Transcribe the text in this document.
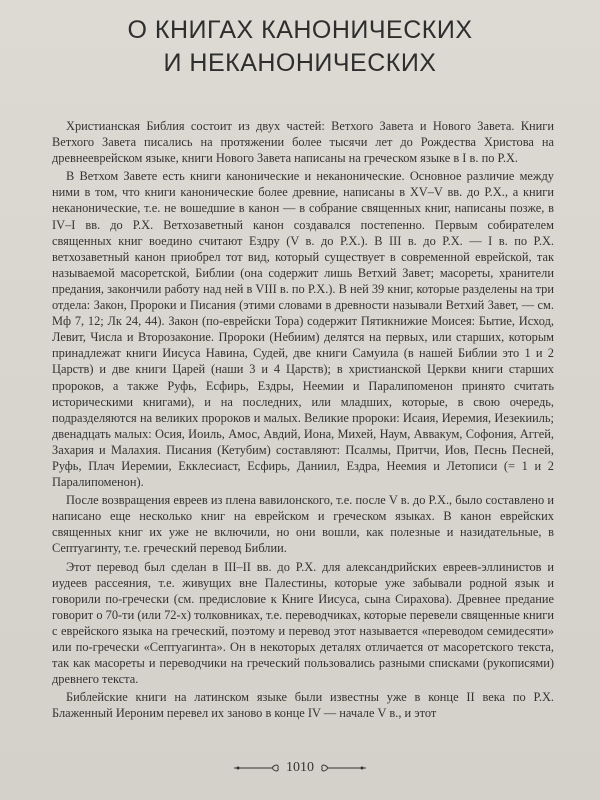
О КНИГАХ КАНОНИЧЕСКИХ
И НЕКАНОНИЧЕСКИХ

Христианская Библия состоит из двух частей: Ветхого Завета и Нового Завета. Книги Ветхого Завета писались на протяжении более тысячи лет до Рождества Христова на древнееврейском языке, книги Нового Завета написаны на греческом языке в I в. по Р.Х.

В Ветхом Завете есть книги канонические и неканонические. Основное различие между ними в том, что книги канонические более древние, написаны в XV–V вв. до Р.Х., а книги неканонические, т.е. не вошедшие в канон — в собрание священных книг, написаны позже, в IV–I вв. до Р.Х. Ветхозаветный канон создавался постепенно. Первым собирателем священных книг воедино считают Ездру (V в. до Р.Х.). В III в. до Р.Х. — I в. по Р.Х. ветхозаветный канон приобрел тот вид, который существует в современной еврейской, так называемой масоретской, Библии (она содержит лишь Ветхий Завет; масореты, хранители предания, закончили работу над ней в VIII в. по Р.Х.). В ней 39 книг, которые разделены на три отдела: Закон, Пророки и Писания (этими словами в древности называли Ветхий Завет, — см. Мф 7, 12; Лк 24, 44). Закон (по-еврейски Тора) содержит Пятикнижие Моисея: Бытие, Исход, Левит, Числа и Второзаконие. Пророки (Небиим) делятся на первых, или старших, которым принадлежат книги Иисуса Навина, Судей, две книги Самуила (в нашей Библии это 1 и 2 Царств) и две книги Царей (наши 3 и 4 Царств); в христианской Церкви книги старших пророков, а также Руфь, Есфирь, Ездры, Неемии и Паралипоменон принято считать историческими книгами), и на последних, или младших, которые, в свою очередь, подразделяются на великих пророков и малых. Великие пророки: Исаия, Иеремия, Иезекииль; двенадцать малых: Осия, Иоиль, Амос, Авдий, Иона, Михей, Наум, Аввакум, Софония, Аггей, Захария и Малахия. Писания (Кетубим) составляют: Псалмы, Притчи, Иов, Песнь Песней, Руфь, Плач Иеремии, Екклесиаст, Есфирь, Даниил, Ездра, Неемия и Летописи (= 1 и 2 Паралипоменон).

После возвращения евреев из плена вавилонского, т.е. после V в. до Р.Х., было составлено и написано еще несколько книг на еврейском и греческом языках. В канон еврейских священных книг их уже не включили, но они вошли, как полезные и назидательные, в Септуагинту, т.е. греческий перевод Библии.

Этот перевод был сделан в III–II вв. до Р.Х. для александрийских евреев-эллинистов и иудеев рассеяния, т.е. живущих вне Палестины, которые уже забывали родной язык и говорили по-гречески (см. предисловие к Книге Иисуса, сына Сирахова). Древнее предание говорит о 70-ти (или 72-х) толковниках, т.е. переводчиках, которые перевели священные книги с еврейского языка на греческий, поэтому и перевод этот называется «переводом семидесяти» или по-гречески «Септуагинта». Он в некоторых деталях отличается от масоретского текста, так как масореты и переводчики на греческий пользовались разными списками (рукописями) древнего текста.

Библейские книги на латинском языке были известны уже в конце II века по Р.Х. Блаженный Иероним перевел их заново в конце IV — начале V в., и этот

1010
